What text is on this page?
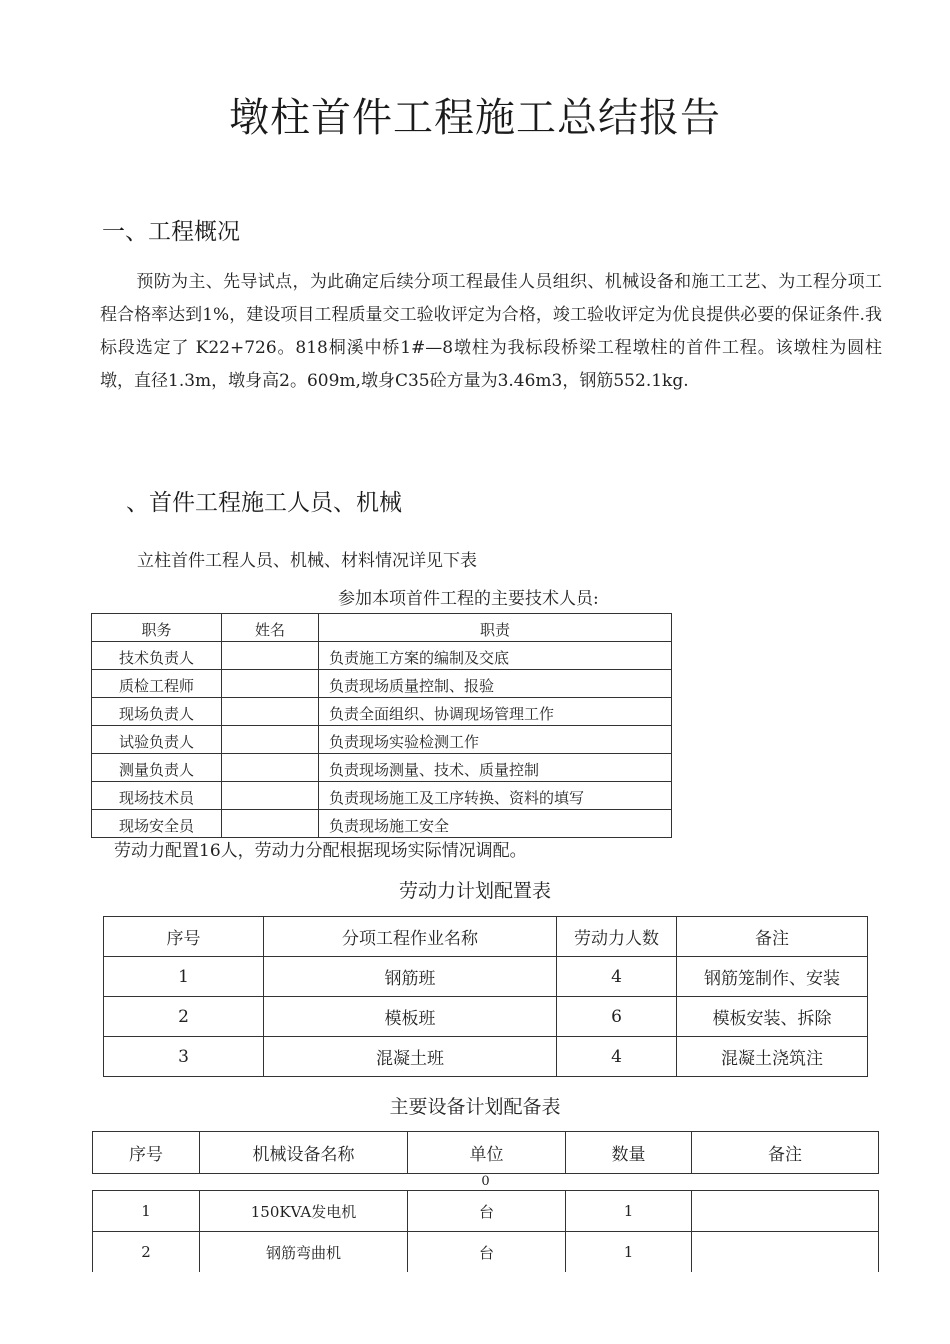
墩柱首件工程施工总结报告
一、工程概况

预防为主、先导试点，为此确定后续分项工程最佳人员组织、机械设备和施工工艺、为工程分项工程合格率达到1%，建设项目工程质量交工验收评定为合格，竣工验收评定为优良提供必要的保证条件.我标段选定了 K22+726。818桐溪中桥1#—8墩柱为我标段桥梁工程墩柱的首件工程。该墩柱为圆柱墩，直径1.3m，墩身高2。609m,墩身C35砼方量为3.46m3，钢筋552.1kg.

、首件工程施工人员、机械
立柱首件工程人员、机械、材料情况详见下表
参加本项首件工程的主要技术人员:
职务	姓名	职责
技术负责人		负责施工方案的编制及交底
质检工程师		负责现场质量控制、报验
现场负责人		负责全面组织、协调现场管理工作
试验负责人		负责现场实验检测工作
测量负责人		负责现场测量、技术、质量控制
现场技术员		负责现场施工及工序转换、资料的填写
现场安全员		负责现场施工安全
劳动力配置16人，劳动力分配根据现场实际情况调配。
劳动力计划配置表
序号	分项工程作业名称	劳动力人数	备注
1	钢筋班	4	钢筋笼制作、安装
2	模板班	6	模板安装、拆除
3	混凝土班	4	混凝土浇筑注
主要设备计划配备表
序号	机械设备名称	单位	数量	备注
0
1	150KVA发电机	台	1	
2	钢筋弯曲机	台	1	
